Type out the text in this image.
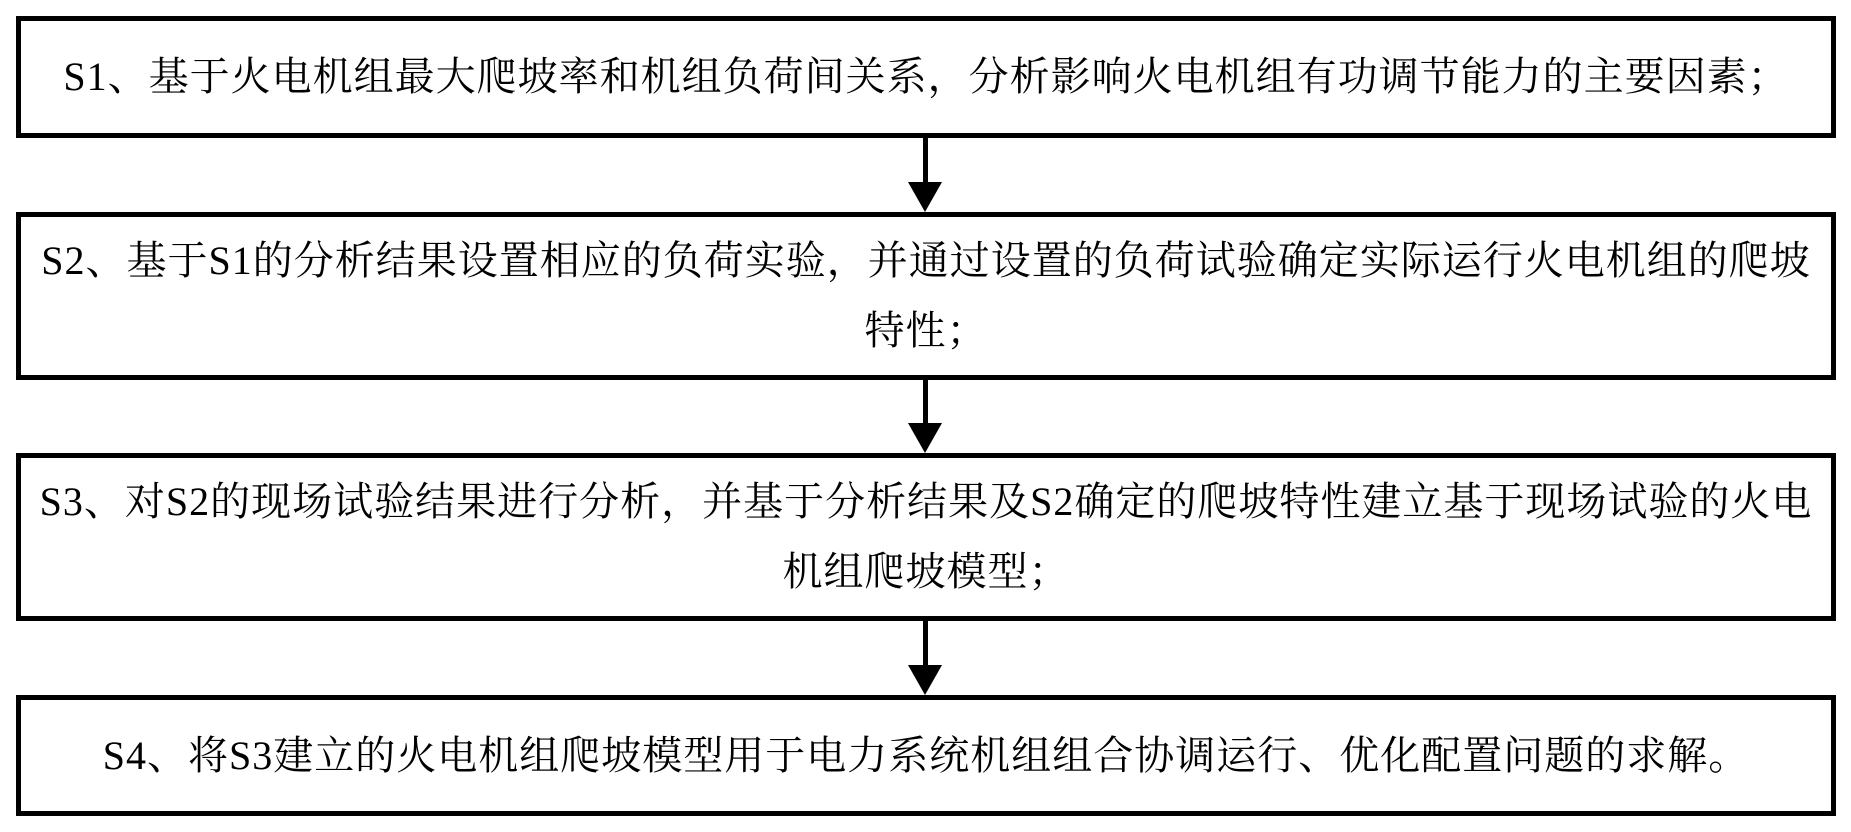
S1、基于火电机组最大爬坡率和机组负荷间关系，分析影响火电机组有功调节能力的主要因素；
S2、基于S1的分析结果设置相应的负荷实验，并通过设置的负荷试验确定实际运行火电机组的爬坡
特性；
S3、对S2的现场试验结果进行分析，并基于分析结果及S2确定的爬坡特性建立基于现场试验的火电
机组爬坡模型；
S4、将S3建立的火电机组爬坡模型用于电力系统机组组合协调运行、优化配置问题的求解。
